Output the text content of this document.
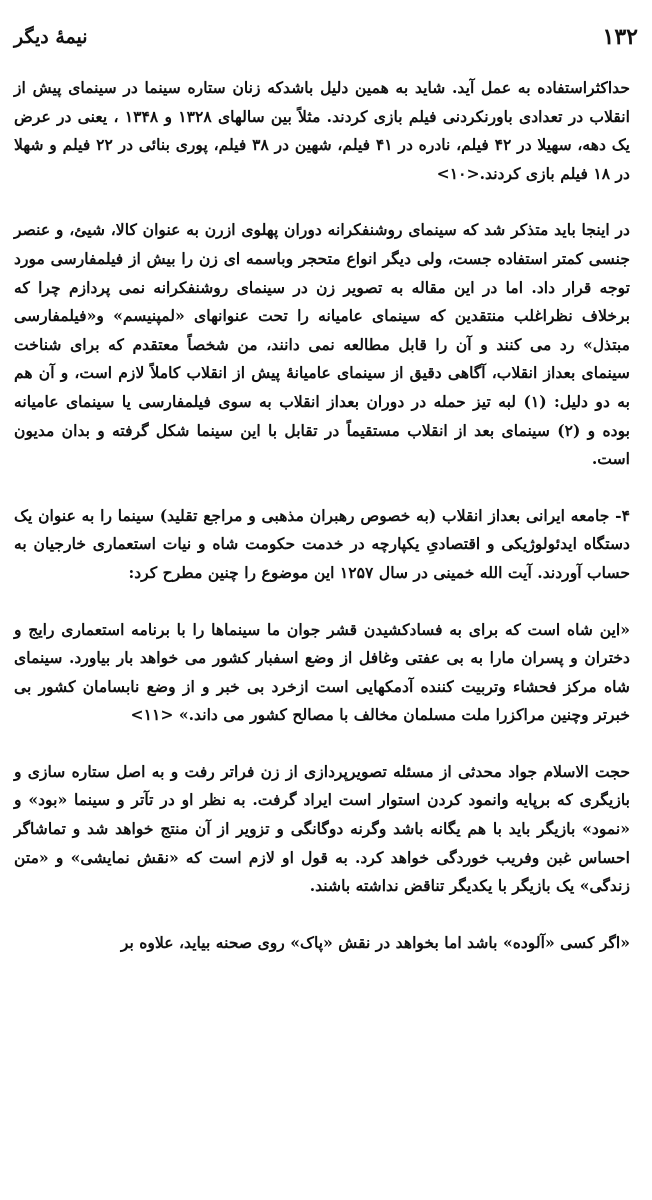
۱۳۲
نیمهٔ دیگر

حداکثراستفاده به عمل آید. شاید به همین دلیل باشدکه زنان ستاره سینما در سینمای پیش از انقلاب در تعدادی باورنکردنی فیلم بازی کردند. مثلاً بین سالهای ۱۳۲۸ و ۱۳۴۸ ، یعنی در عرض یک دهه، سهیلا در ۴۲ فیلم، نادره در ۴۱ فیلم، شهین در ۳۸ فیلم، پوری بنائی در ۲۲ فیلم و شهلا در ۱۸ فیلم بازی کردند.<۱۰>

در اینجا باید متذکر شد که سینمای روشنفکرانه دوران پهلوی ازرن به عنوان کالا، شیئ، و عنصر جنسی کمتر استفاده جست، ولی دیگر انواع متحجر وباسمه ای زن را بیش از فیلمفارسی مورد توجه قرار داد. اما در این مقاله به تصویر زن در سینمای روشنفکرانه نمی پردازم چرا که برخلاف نظراغلب منتقدین که سینمای عامیانه را تحت عنوانهای «لمپنیسم» و«فیلمفارسی مبتذل» رد می کنند و آن را قابل مطالعه نمی دانند، من شخصاً معتقدم که برای شناخت سینمای بعداز انقلاب، آگاهی دقیق از سینمای عامیانهٔ پیش از انقلاب کاملاً لازم است، و آن هم به دو دلیل: (۱) لبه تیز حمله در دوران بعداز انقلاب به سوی فیلمفارسی یا سینمای عامیانه بوده و (۲) سینمای بعد از انقلاب مستقیماً در تقابل با این سینما شکل گرفته و بدان مدیون است.

۴- جامعه ایرانی بعداز انقلاب (به خصوص رهبران مذهبی و مراجع تقلید) سینما را به عنوان یک دستگاه ایدئولوژیکی و اقتصادیِ یکپارچه در خدمت حکومت شاه و نیات استعماری خارجیان به حساب آوردند. آیت الله خمینی در سال ۱۲۵۷ این موضوع را چنین مطرح کرد:

«این شاه است که برای به فسادکشیدن قشر جوان ما سینماها را با برنامه استعماری رایج و دختران و پسران مارا به بی عفتی وغافل از وضع اسفبار کشور می خواهد بار بیاورد. سینمای شاه مرکز فحشاء وتربیت کننده آدمکهایی است ازخرد بی خبر و از وضع نابسامان کشور بی خبرتر وچنین مراکزرا ملت مسلمان مخالف با مصالح کشور می داند.» <۱۱>

حجت الاسلام جواد محدثی از مسئله تصویرپردازی از زن فراتر رفت و به اصل ستاره سازی و بازیگری که برپایه وانمود کردن استوار است ایراد گرفت. به نظر او در تآتر و سینما «بود» و «نمود» بازیگر باید با هم یگانه باشد وگرنه دوگانگی و تزویر از آن منتج خواهد شد و تماشاگر احساس غبن وفریب خوردگی خواهد کرد. به قول او لازم است که «نقش نمایشی» و «متن زندگی» یک بازیگر با یکدیگر تناقض نداشته باشند.

«اگر کسی «آلوده» باشد اما بخواهد در نقش «پاک» روی صحنه بیاید، علاوه بر
